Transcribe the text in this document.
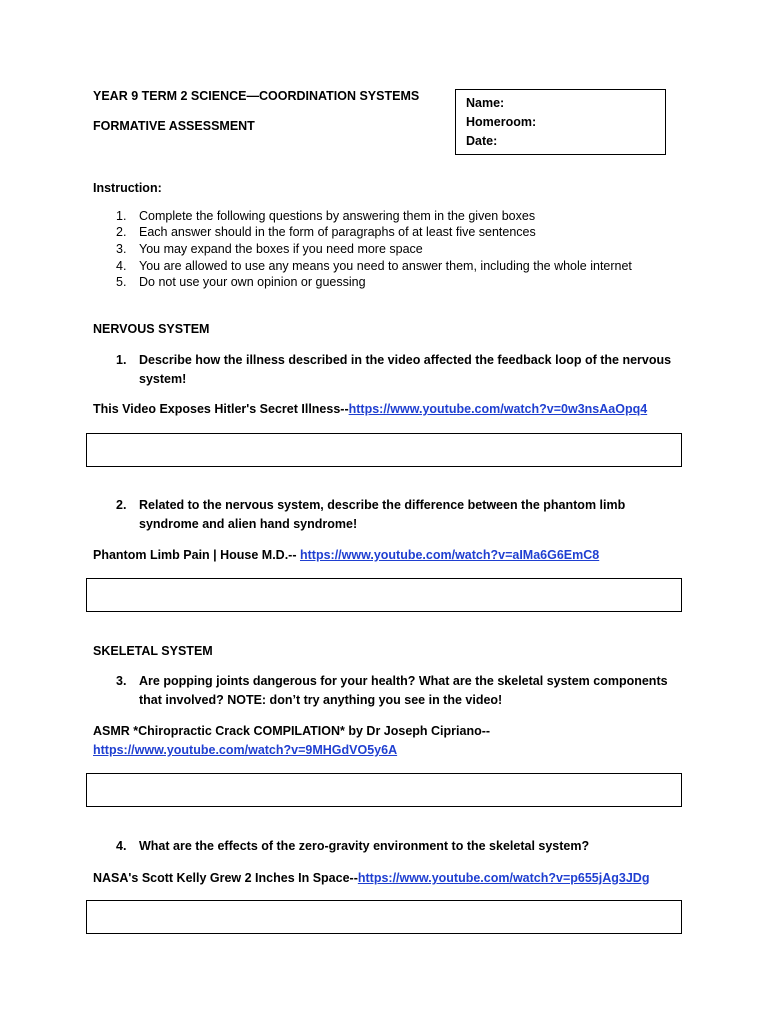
YEAR 9 TERM 2 SCIENCE—COORDINATION SYSTEMS
FORMATIVE ASSESSMENT
Name:
Homeroom:
Date:
Instruction:
1. Complete the following questions by answering them in the given boxes
2. Each answer should in the form of paragraphs of at least five sentences
3. You may expand the boxes if you need more space
4. You are allowed to use any means you need to answer them, including the whole internet
5. Do not use your own opinion or guessing
NERVOUS SYSTEM
1. Describe how the illness described in the video affected the feedback loop of the nervous
system!
This Video Exposes Hitler's Secret Illness--https://www.youtube.com/watch?v=0w3nsAaOpq4
2. Related to the nervous system, describe the difference between the phantom limb
syndrome and alien hand syndrome!
Phantom Limb Pain | House M.D.-- https://www.youtube.com/watch?v=aIMa6G6EmC8
SKELETAL SYSTEM
3. Are popping joints dangerous for your health? What are the skeletal system components
that involved? NOTE: don’t try anything you see in the video!
ASMR *Chiropractic Crack COMPILATION* by Dr Joseph Cipriano--
https://www.youtube.com/watch?v=9MHGdVO5y6A
4. What are the effects of the zero-gravity environment to the skeletal system?
NASA's Scott Kelly Grew 2 Inches In Space--https://www.youtube.com/watch?v=p655jAg3JDg
